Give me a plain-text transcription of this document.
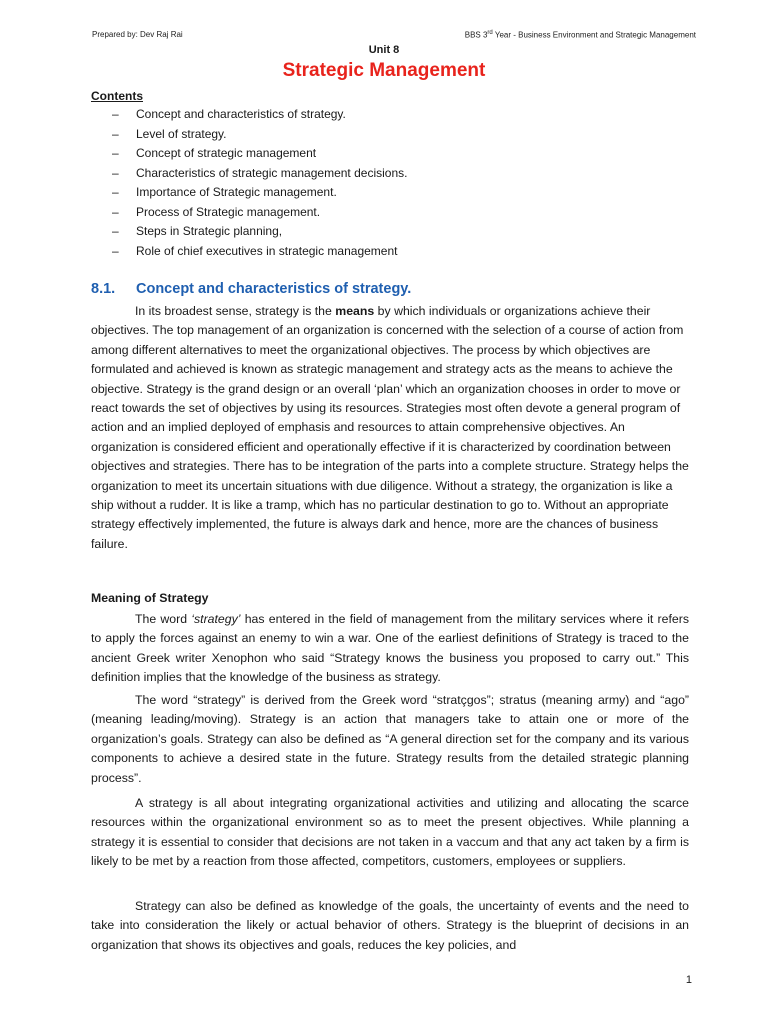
Prepared by: Dev Raj Rai	BBS 3rd Year - Business Environment and Strategic Management
Unit 8
Strategic Management
Contents
–	Concept and characteristics of strategy.
–	Level of strategy.
–	Concept of strategic management
–	Characteristics of strategic management decisions.
–	Importance of Strategic management.
–	Process of Strategic management.
–	Steps in Strategic planning,
–	Role of chief executives in strategic management
8.1. Concept and characteristics of strategy.

In its broadest sense, strategy is the means by which individuals or organizations achieve their objectives. The top management of an organization is concerned with the selection of a course of action from among different alternatives to meet the organizational objectives. The process by which objectives are formulated and achieved is known as strategic management and strategy acts as the means to achieve the objective. Strategy is the grand design or an overall ‘plan’ which an organization chooses in order to move or react towards the set of objectives by using its resources. Strategies most often devote a general program of action and an implied deployed of emphasis and resources to attain comprehensive objectives. An organization is considered efficient and operationally effective if it is characterized by coordination between objectives and strategies. There has to be integration of the parts into a complete structure. Strategy helps the organization to meet its uncertain situations with due diligence. Without a strategy, the organization is like a ship without a rudder. It is like a tramp, which has no particular destination to go to. Without an appropriate strategy effectively implemented, the future is always dark and hence, more are the chances of business failure.

Meaning of Strategy

The word ‘strategy’ has entered in the field of management from the military services where it refers to apply the forces against an enemy to win a war. One of the earliest definitions of Strategy is traced to the ancient Greek writer Xenophon who said “Strategy knows the business you proposed to carry out.” This definition implies that the knowledge of the business as strategy.

The word “strategy” is derived from the Greek word “stratçgos”; stratus (meaning army) and “ago” (meaning leading/moving). Strategy is an action that managers take to attain one or more of the organization’s goals. Strategy can also be defined as “A general direction set for the company and its various components to achieve a desired state in the future. Strategy results from the detailed strategic planning process”.

A strategy is all about integrating organizational activities and utilizing and allocating the scarce resources within the organizational environment so as to meet the present objectives. While planning a strategy it is essential to consider that decisions are not taken in a vaccum and that any act taken by a firm is likely to be met by a reaction from those affected, competitors, customers, employees or suppliers.

Strategy can also be defined as knowledge of the goals, the uncertainty of events and the need to take into consideration the likely or actual behavior of others. Strategy is the blueprint of decisions in an organization that shows its objectives and goals, reduces the key policies, and

1
